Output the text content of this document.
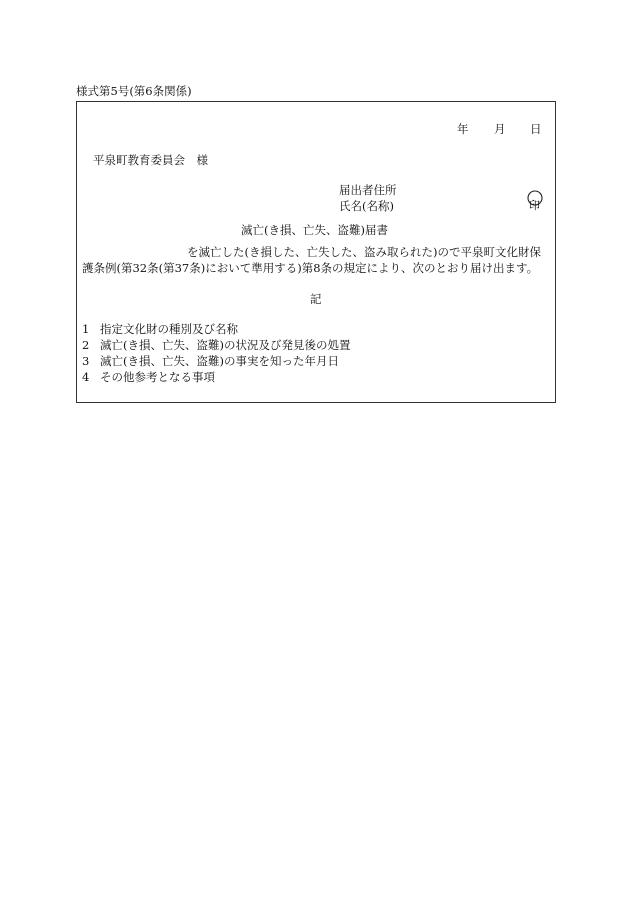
様式第5号(第6条関係)
年 月 日
平泉町教育委員会　様
届出者住所
氏名(名称)	印
滅亡(き損、亡失、盗難)届書
を滅亡した(き損した、亡失した、盗み取られた)ので平泉町文化財保
護条例(第32条(第37条)において準用する)第8条の規定により、次のとおり届け出ます。
記
1 指定文化財の種別及び名称
2 滅亡(き損、亡失、盗難)の状況及び発見後の処置
3 滅亡(き損、亡失、盗難)の事実を知った年月日
4 その他参考となる事項
